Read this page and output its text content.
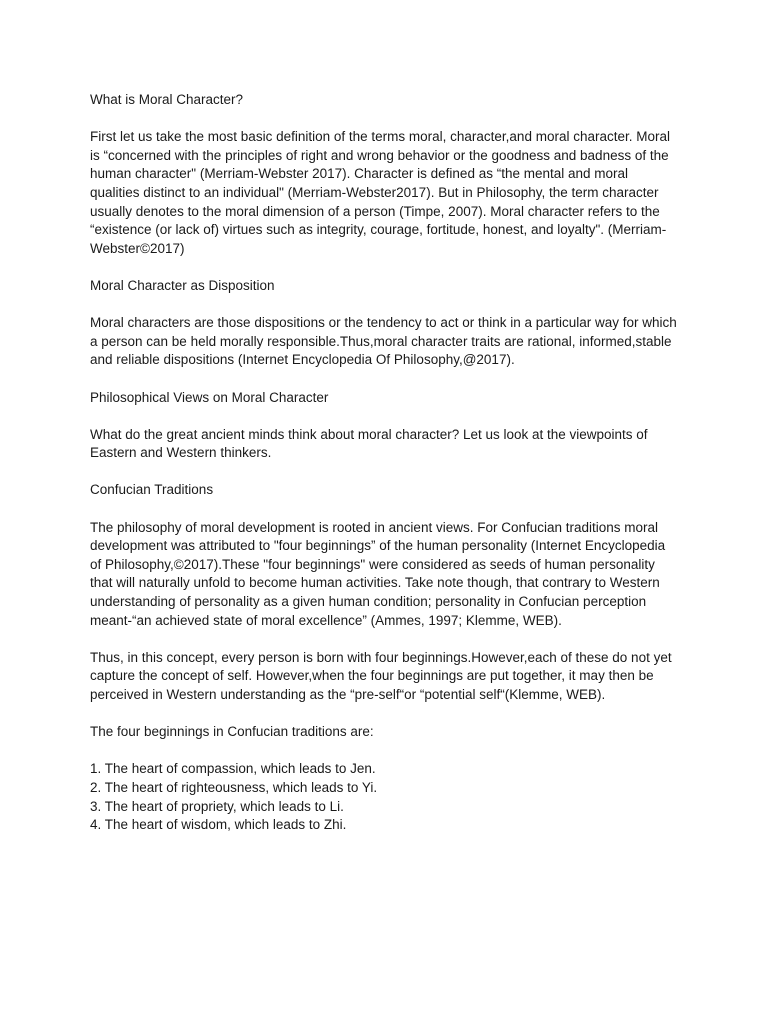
What is Moral Character?

First let us take the most basic definition of the terms moral, character,and moral character. Moral is “concerned with the principles of right and wrong behavior or the goodness and badness of the human character" (Merriam-Webster 2017). Character is defined as “the mental and moral qualities distinct to an individual" (Merriam-Webster2017). But in Philosophy, the term character usually denotes to the moral dimension of a person (Timpe, 2007). Moral character refers to the “existence (or lack of) virtues such as integrity, courage, fortitude, honest, and loyalty". (Merriam-Webster©2017)

Moral Character as Disposition

Moral characters are those dispositions or the tendency to act or think in a particular way for which a person can be held morally responsible.Thus,moral character traits are rational, informed,stable and reliable dispositions (Internet Encyclopedia Of Philosophy,@2017).

Philosophical Views on Moral Character

What do the great ancient minds think about moral character? Let us look at the viewpoints of Eastern and Western thinkers.

Confucian Traditions

The philosophy of moral development is rooted in ancient views. For Confucian traditions moral development was attributed to "four beginnings” of the human personality (Internet Encyclopedia of Philosophy,©2017).These "four beginnings" were considered as seeds of human personality that will naturally unfold to become human activities. Take note though, that contrary to Western understanding of personality as a given human condition; personality in Confucian perception meant-“an achieved state of moral excellence” (Ammes, 1997; Klemme, WEB).

Thus, in this concept, every person is born with four beginnings.However,each of these do not yet capture the concept of self. However,when the four beginnings are put together, it may then be perceived in Western understanding as the “pre-self“or “potential self“(Klemme, WEB).

The four beginnings in Confucian traditions are:

1. The heart of compassion, which leads to Jen.
2. The heart of righteousness, which leads to Yi.
3. The heart of propriety, which leads to Li.
4. The heart of wisdom, which leads to Zhi.
